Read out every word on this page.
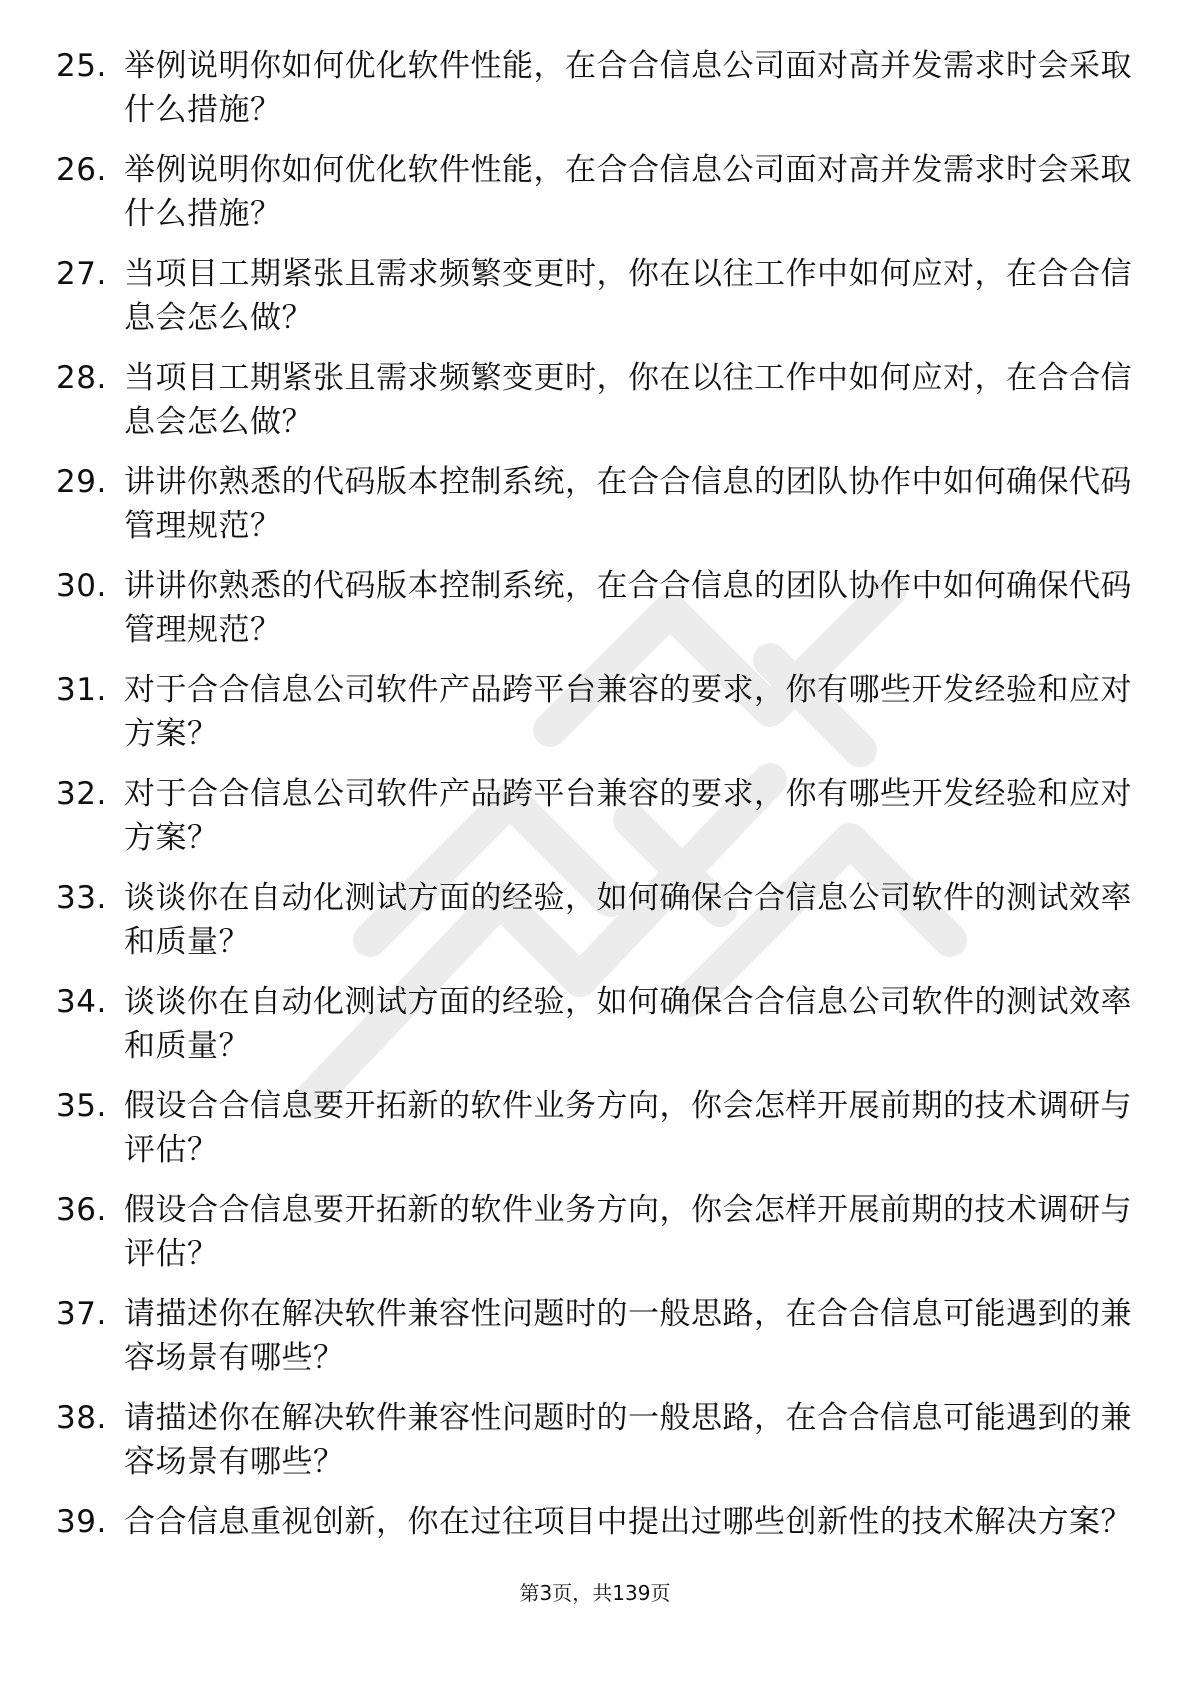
25. 举例说明你如何优化软件性能，在合合信息公司面对高并发需求时会采取什么措施？
26. 举例说明你如何优化软件性能，在合合信息公司面对高并发需求时会采取什么措施？
27. 当项目工期紧张且需求频繁变更时，你在以往工作中如何应对，在合合信息会怎么做？
28. 当项目工期紧张且需求频繁变更时，你在以往工作中如何应对，在合合信息会怎么做？
29. 讲讲你熟悉的代码版本控制系统，在合合信息的团队协作中如何确保代码管理规范？
30. 讲讲你熟悉的代码版本控制系统，在合合信息的团队协作中如何确保代码管理规范？
31. 对于合合信息公司软件产品跨平台兼容的要求，你有哪些开发经验和应对方案？
32. 对于合合信息公司软件产品跨平台兼容的要求，你有哪些开发经验和应对方案？
33. 谈谈你在自动化测试方面的经验，如何确保合合信息公司软件的测试效率和质量？
34. 谈谈你在自动化测试方面的经验，如何确保合合信息公司软件的测试效率和质量？
35. 假设合合信息要开拓新的软件业务方向，你会怎样开展前期的技术调研与评估？
36. 假设合合信息要开拓新的软件业务方向，你会怎样开展前期的技术调研与评估？
37. 请描述你在解决软件兼容性问题时的一般思路，在合合信息可能遇到的兼容场景有哪些？
38. 请描述你在解决软件兼容性问题时的一般思路，在合合信息可能遇到的兼容场景有哪些？
39. 合合信息重视创新，你在过往项目中提出过哪些创新性的技术解决方案？
第3页，共139页
